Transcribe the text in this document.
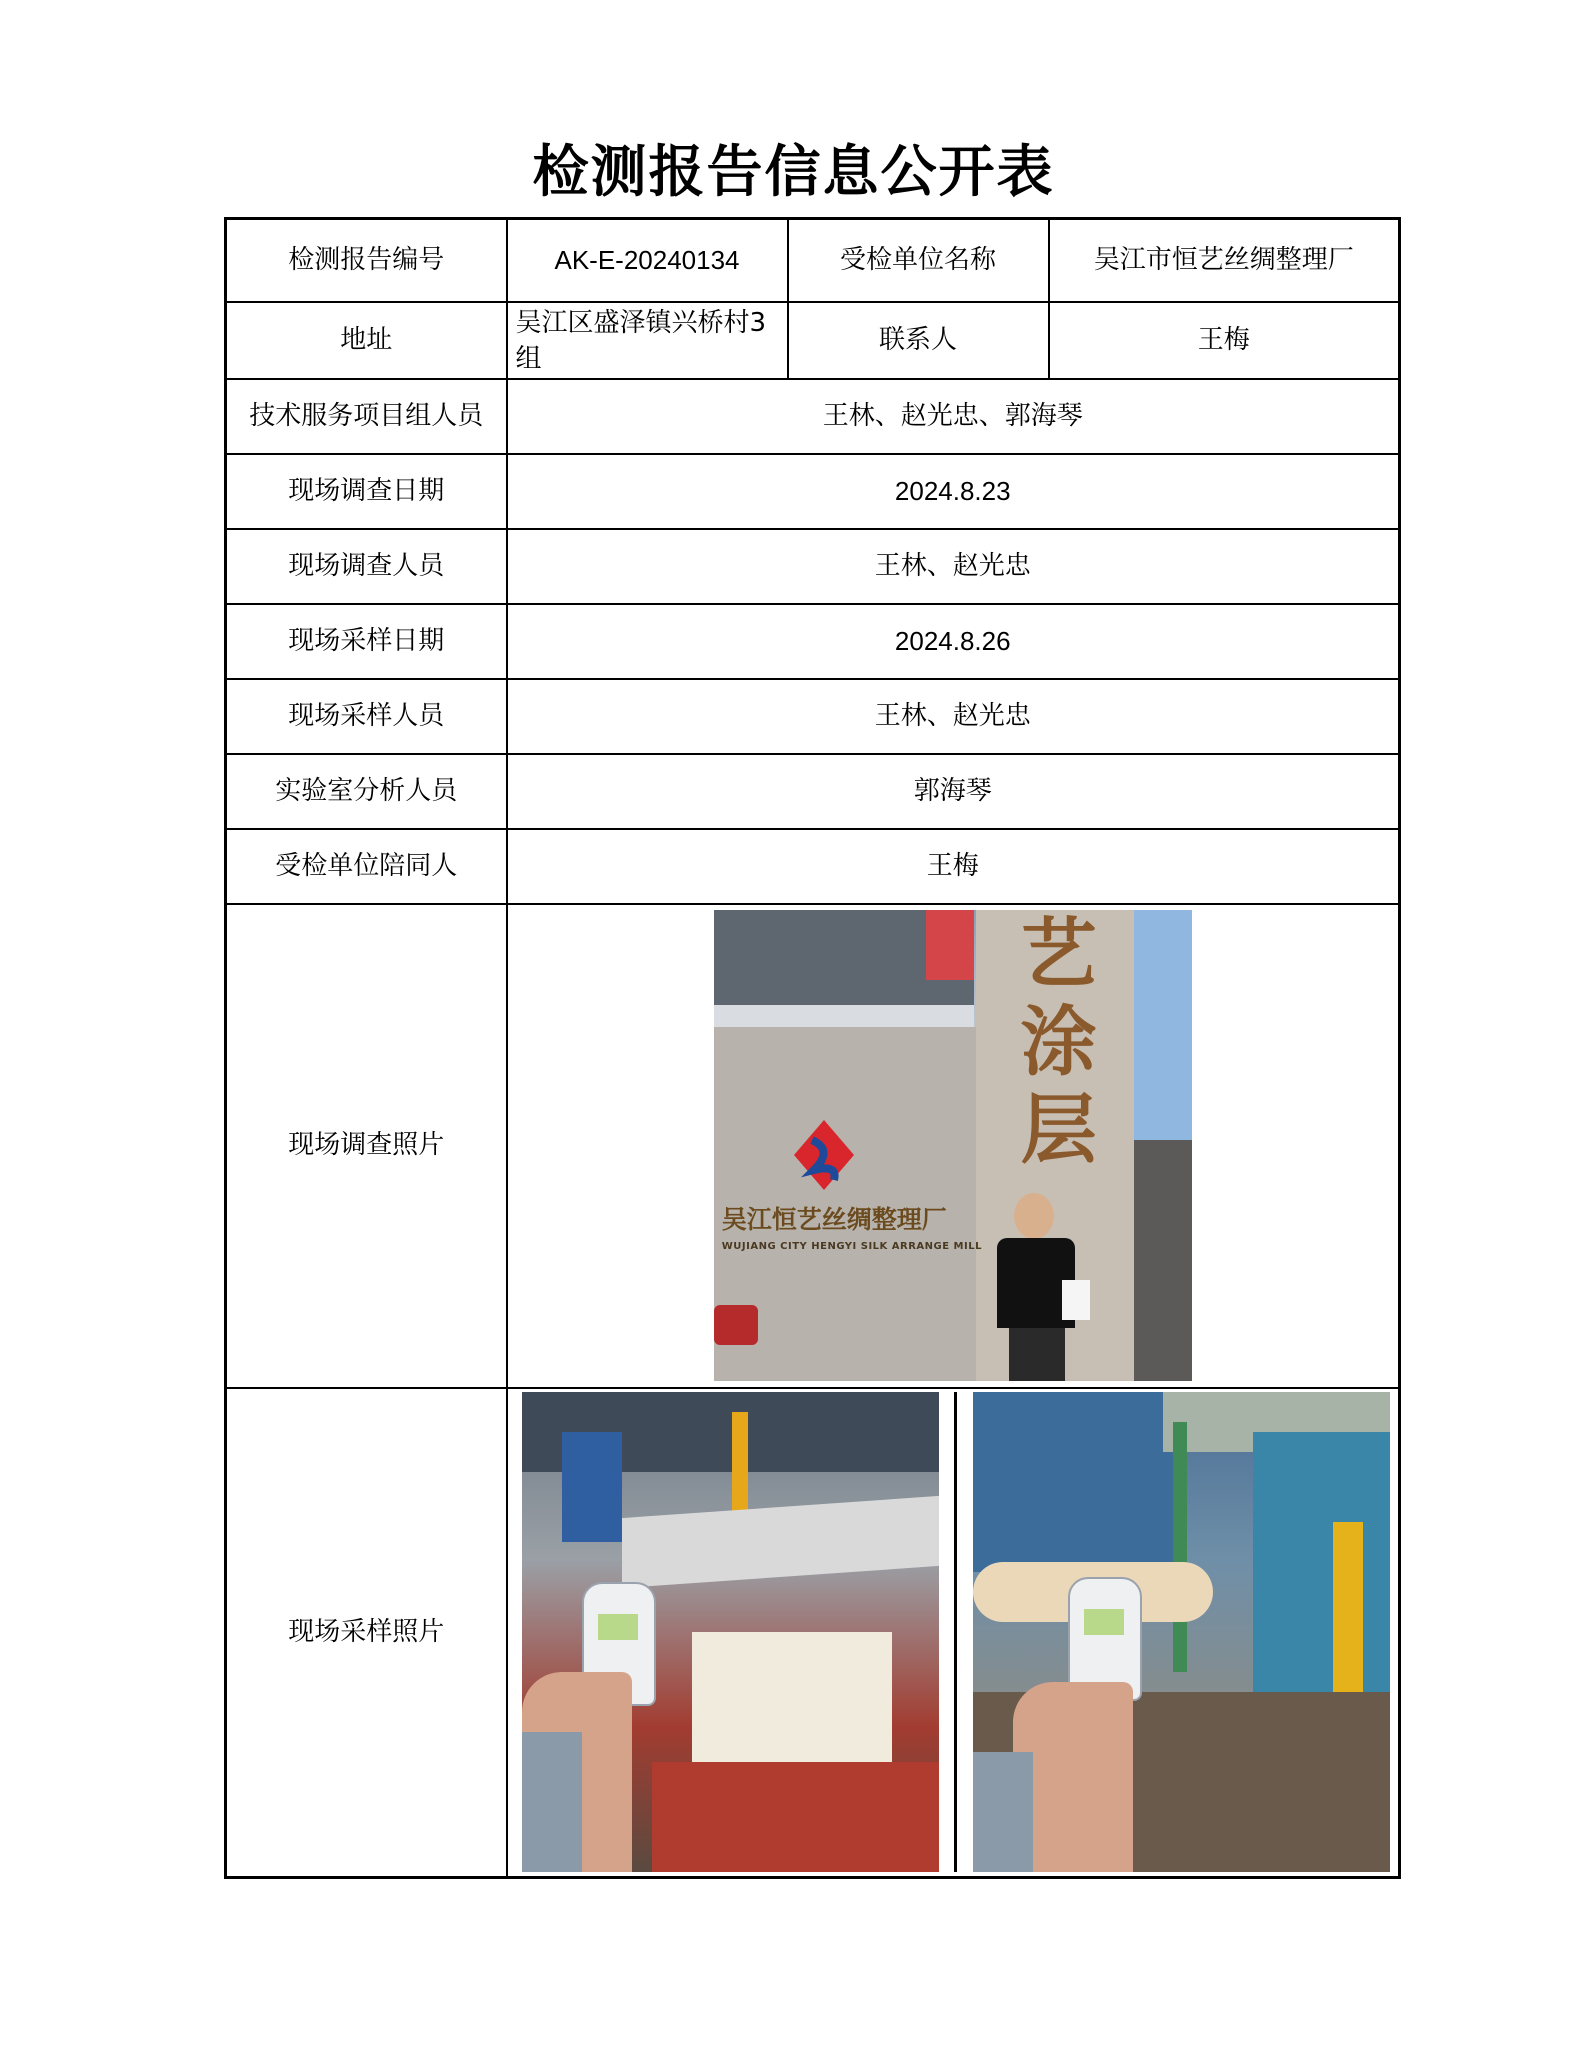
检测报告信息公开表
检测报告编号	AK-E-20240134	受检单位名称	吴江市恒艺丝绸整理厂
地址	吴江区盛泽镇兴桥村3组	联系人	王梅
技术服务项目组人员	王林、赵光忠、郭海琴		
现场调查日期	2024.8.23		
现场调查人员	王林、赵光忠		
现场采样日期	2024.8.26		
现场采样人员	王林、赵光忠		
实验室分析人员	郭海琴		
受检单位陪同人	王梅		
现场调查照片	艺
涂
层
吴江恒艺丝绸整理厂
WUJIANG CITY HENGYI SILK ARRANGE MILL		

现场采样照片			
